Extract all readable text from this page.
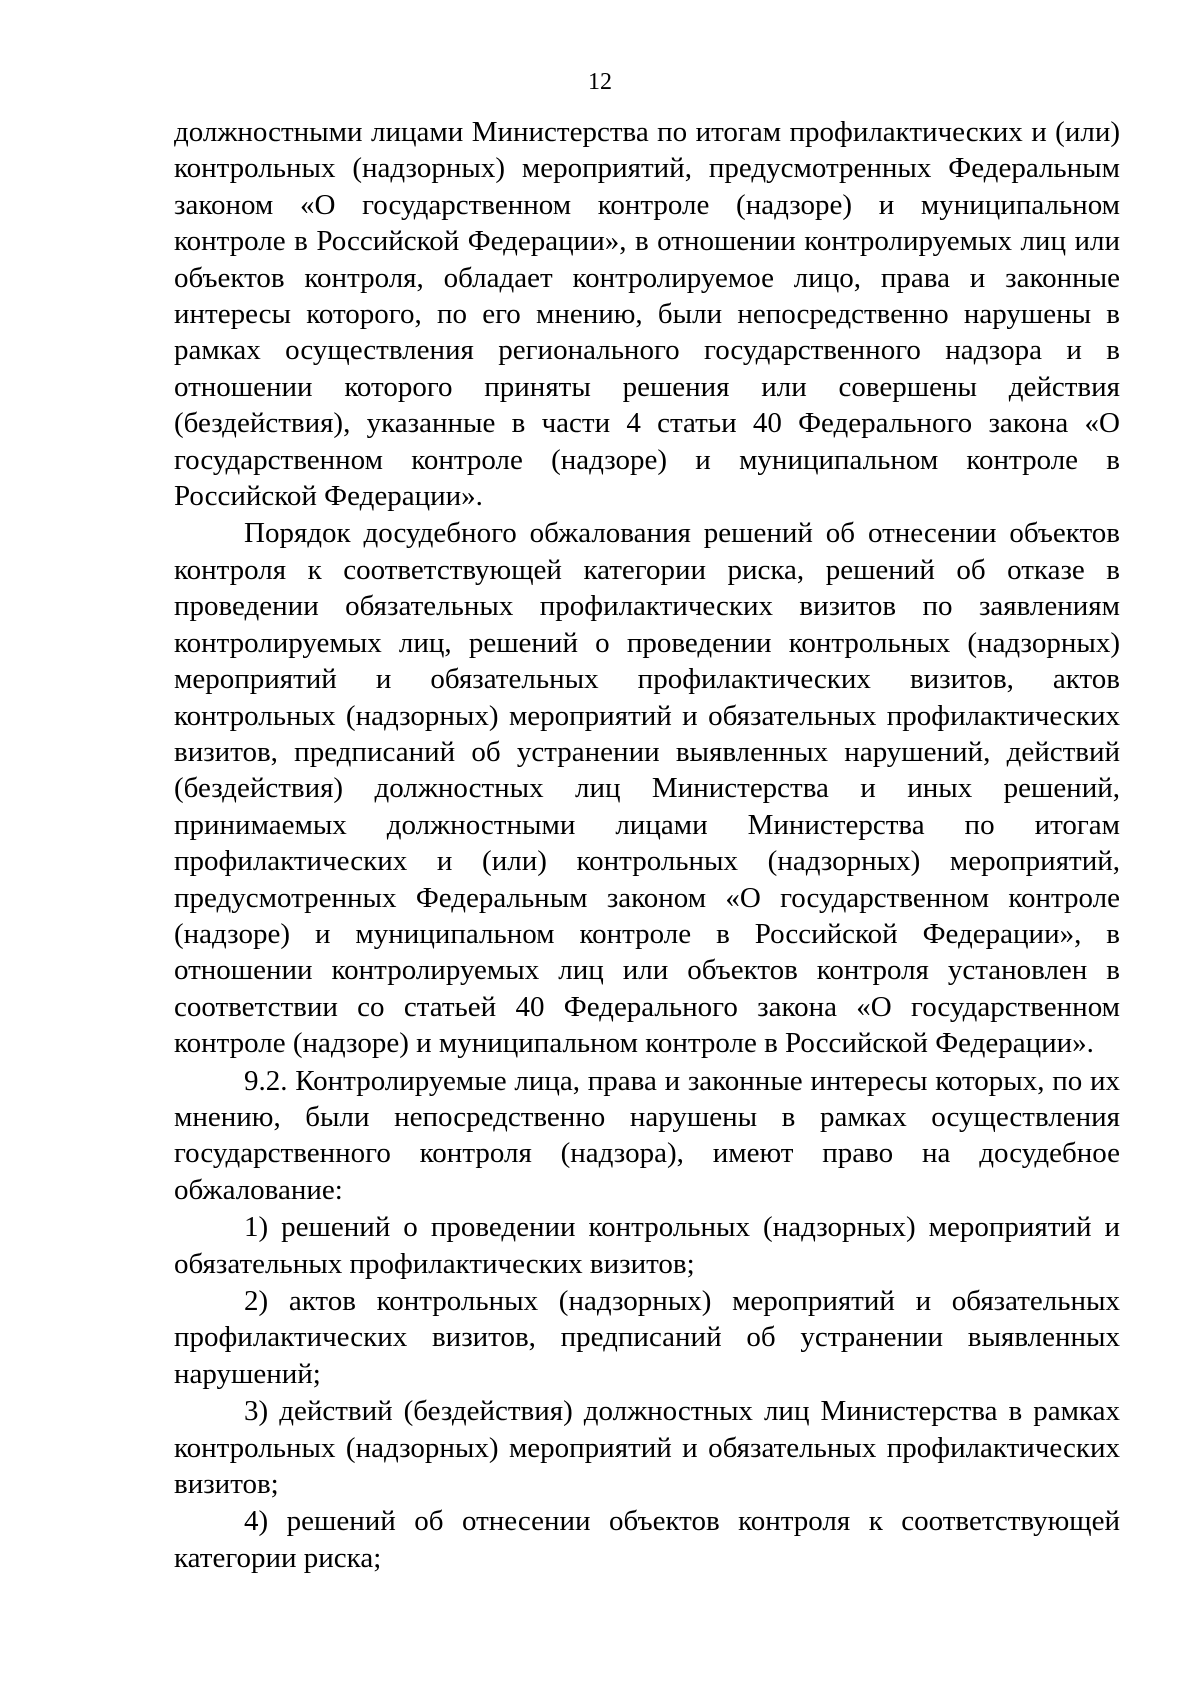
12

должностными лицами Министерства по итогам профилактических и (или) контрольных (надзорных) мероприятий, предусмотренных Федеральным законом «О государственном контроле (надзоре) и муниципальном контроле в Российской Федерации», в отношении контролируемых лиц или объектов контроля, обладает контролируемое лицо, права и законные интересы которого, по его мнению, были непосредственно нарушены в рамках осуществления регионального государственного надзора и в отношении которого приняты решения или совершены действия (бездействия), указанные в части 4 статьи 40 Федерального закона «О государственном контроле (надзоре) и муниципальном контроле в Российской Федерации».

Порядок досудебного обжалования решений об отнесении объектов контроля к соответствующей категории риска, решений об отказе в проведении обязательных профилактических визитов по заявлениям контролируемых лиц, решений о проведении контрольных (надзорных) мероприятий и обязательных профилактических визитов, актов контрольных (надзорных) мероприятий и обязательных профилактических визитов, предписаний об устранении выявленных нарушений, действий (бездействия) должностных лиц Министерства и иных решений, принимаемых должностными лицами Министерства по итогам профилактических и (или) контрольных (надзорных) мероприятий, предусмотренных Федеральным законом «О государственном контроле (надзоре) и муниципальном контроле в Российской Федерации», в отношении контролируемых лиц или объектов контроля установлен в соответствии со статьей 40 Федерального закона «О государственном контроле (надзоре) и муниципальном контроле в Российской Федерации».

9.2. Контролируемые лица, права и законные интересы которых, по их мнению, были непосредственно нарушены в рамках осуществления государственного контроля (надзора), имеют право на досудебное обжалование:

1) решений о проведении контрольных (надзорных) мероприятий и обязательных профилактических визитов;

2) актов контрольных (надзорных) мероприятий и обязательных профилактических визитов, предписаний об устранении выявленных нарушений;

3) действий (бездействия) должностных лиц Министерства в рамках контрольных (надзорных) мероприятий и обязательных профилактических визитов;

4) решений об отнесении объектов контроля к соответствующей категории риска;
